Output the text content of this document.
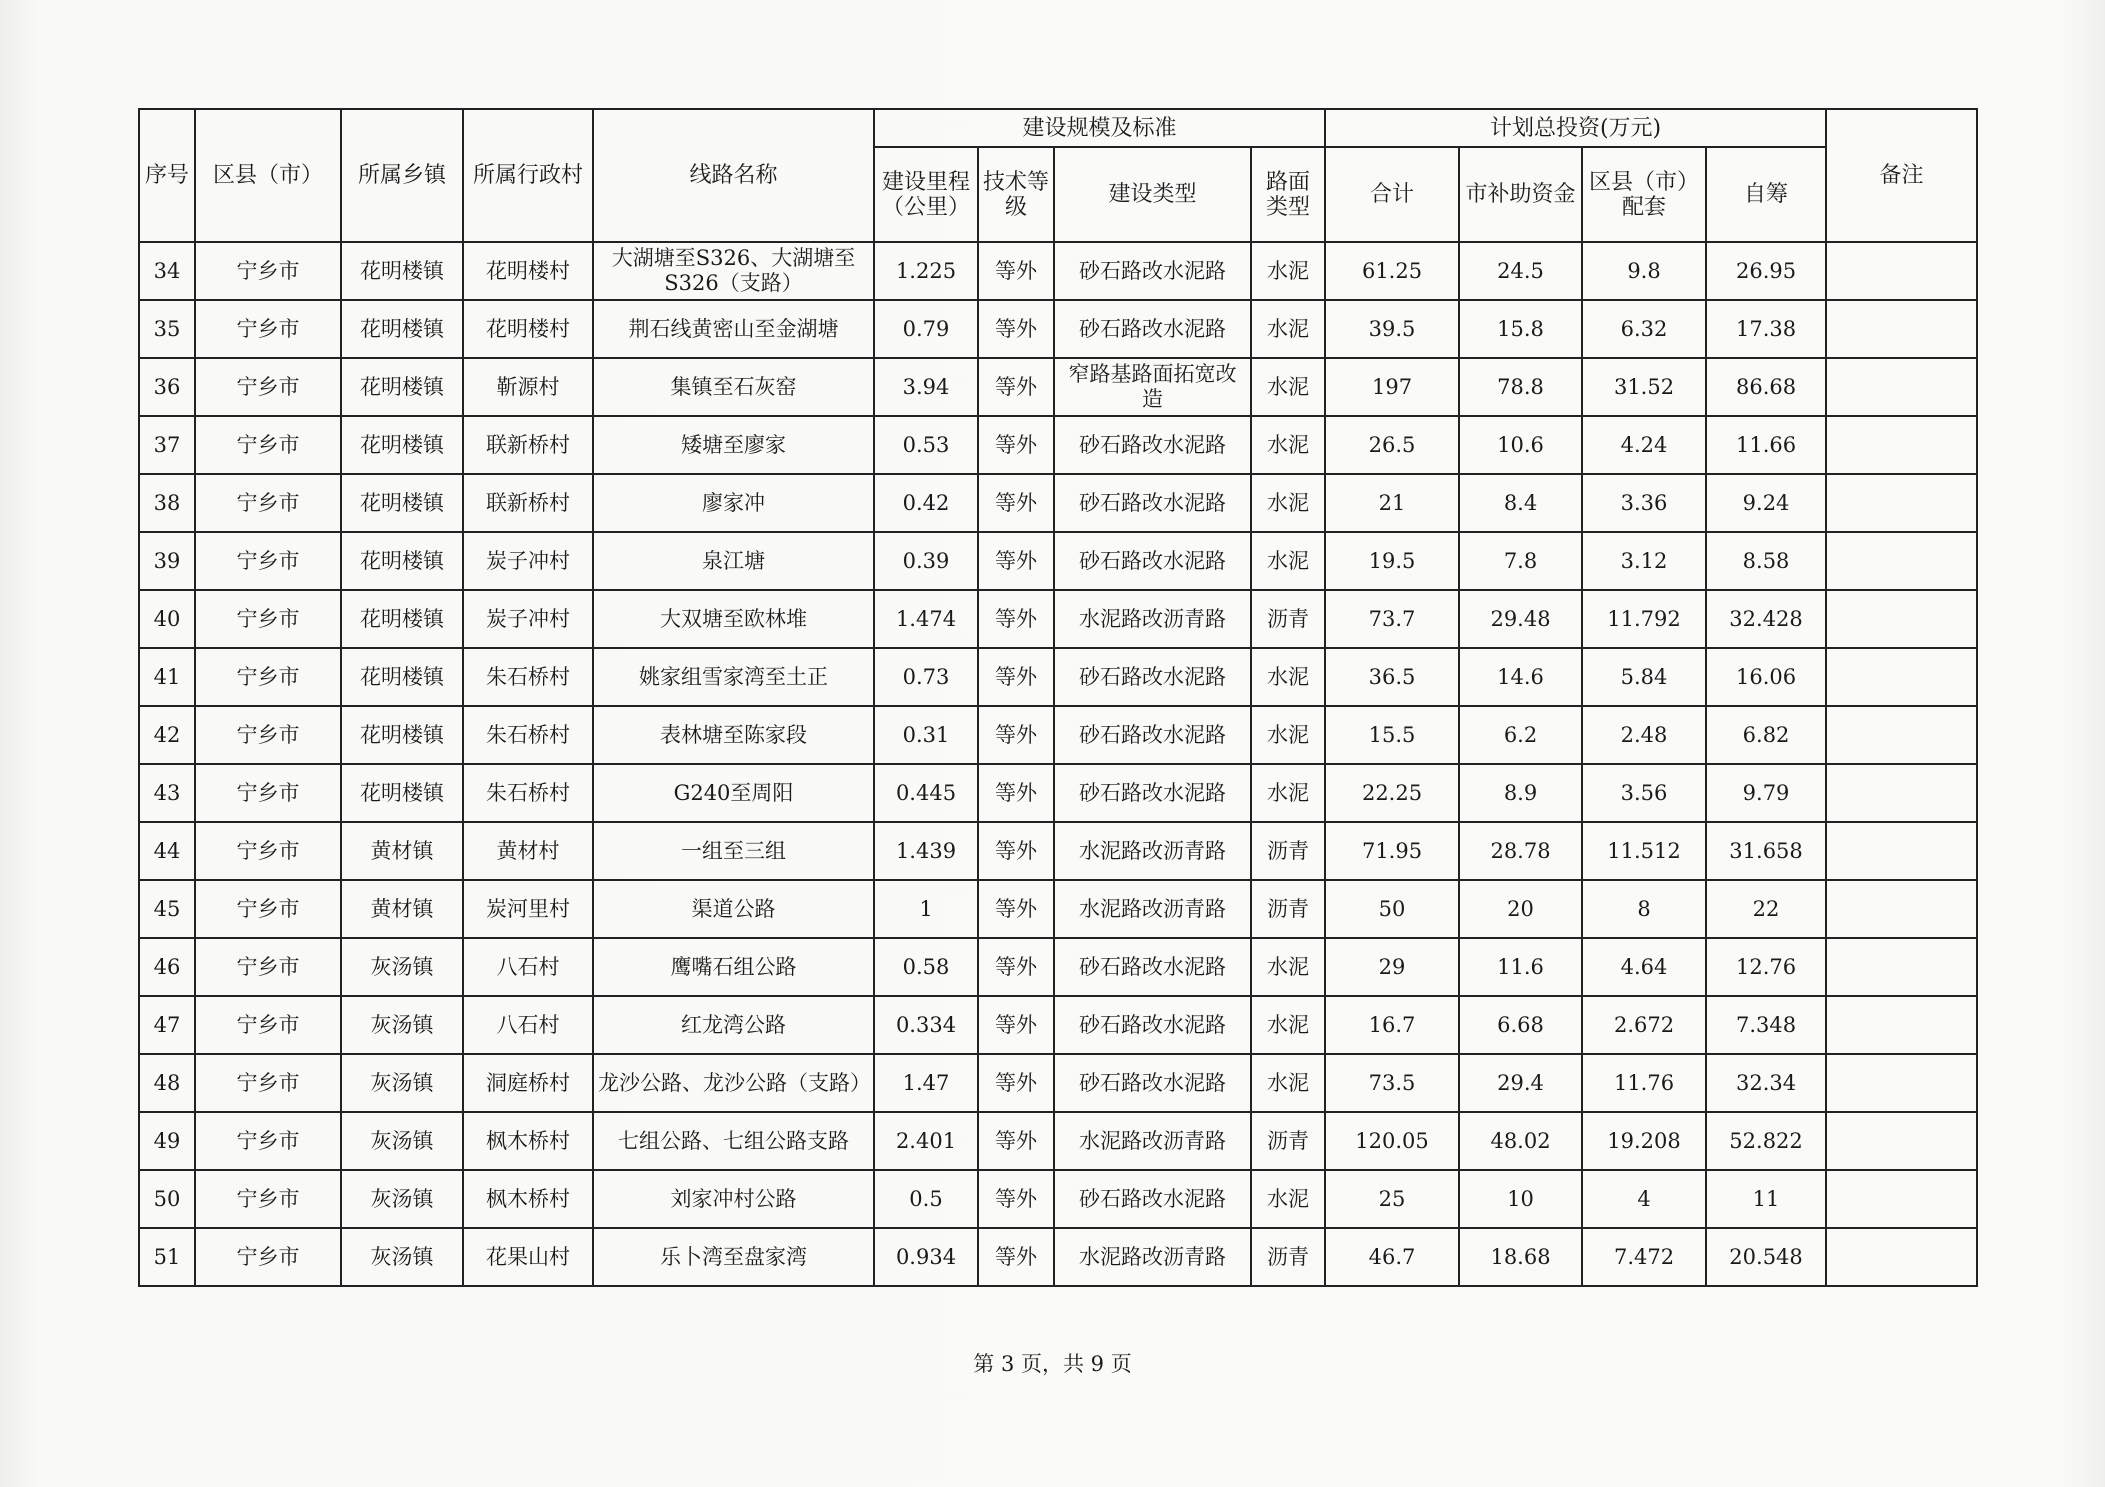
序号	区县（市）	所属乡镇	所属行政村	线路名称	建设规模及标准				计划总投资(万元)				备注
					建设里程（公里）	技术等级	建设类型	路面类型	合计	市补助资金	区县（市）配套	自筹	
34	宁乡市	花明楼镇	花明楼村	大湖塘至S326、大湖塘至S326（支路）	1.225	等外	砂石路改水泥路	水泥	61.25	24.5	9.8	26.95	
35	宁乡市	花明楼镇	花明楼村	荆石线黄密山至金湖塘	0.79	等外	砂石路改水泥路	水泥	39.5	15.8	6.32	17.38	
36	宁乡市	花明楼镇	靳源村	集镇至石灰窑	3.94	等外	窄路基路面拓宽改造	水泥	197	78.8	31.52	86.68	
37	宁乡市	花明楼镇	联新桥村	矮塘至廖家	0.53	等外	砂石路改水泥路	水泥	26.5	10.6	4.24	11.66	
38	宁乡市	花明楼镇	联新桥村	廖家冲	0.42	等外	砂石路改水泥路	水泥	21	8.4	3.36	9.24	
39	宁乡市	花明楼镇	炭子冲村	泉江塘	0.39	等外	砂石路改水泥路	水泥	19.5	7.8	3.12	8.58	
40	宁乡市	花明楼镇	炭子冲村	大双塘至欧林堆	1.474	等外	水泥路改沥青路	沥青	73.7	29.48	11.792	32.428	
41	宁乡市	花明楼镇	朱石桥村	姚家组雪家湾至土正	0.73	等外	砂石路改水泥路	水泥	36.5	14.6	5.84	16.06	
42	宁乡市	花明楼镇	朱石桥村	表林塘至陈家段	0.31	等外	砂石路改水泥路	水泥	15.5	6.2	2.48	6.82	
43	宁乡市	花明楼镇	朱石桥村	G240至周阳	0.445	等外	砂石路改水泥路	水泥	22.25	8.9	3.56	9.79	
44	宁乡市	黄材镇	黄材村	一组至三组	1.439	等外	水泥路改沥青路	沥青	71.95	28.78	11.512	31.658	
45	宁乡市	黄材镇	炭河里村	渠道公路	1	等外	水泥路改沥青路	沥青	50	20	8	22	
46	宁乡市	灰汤镇	八石村	鹰嘴石组公路	0.58	等外	砂石路改水泥路	水泥	29	11.6	4.64	12.76	
47	宁乡市	灰汤镇	八石村	红龙湾公路	0.334	等外	砂石路改水泥路	水泥	16.7	6.68	2.672	7.348	
48	宁乡市	灰汤镇	洞庭桥村	龙沙公路、龙沙公路（支路）	1.47	等外	砂石路改水泥路	水泥	73.5	29.4	11.76	32.34	
49	宁乡市	灰汤镇	枫木桥村	七组公路、七组公路支路	2.401	等外	水泥路改沥青路	沥青	120.05	48.02	19.208	52.822	
50	宁乡市	灰汤镇	枫木桥村	刘家冲村公路	0.5	等外	砂石路改水泥路	水泥	25	10	4	11	
51	宁乡市	灰汤镇	花果山村	乐卜湾至盘家湾	0.934	等外	水泥路改沥青路	沥青	46.7	18.68	7.472	20.548	
第 3 页，共 9 页
